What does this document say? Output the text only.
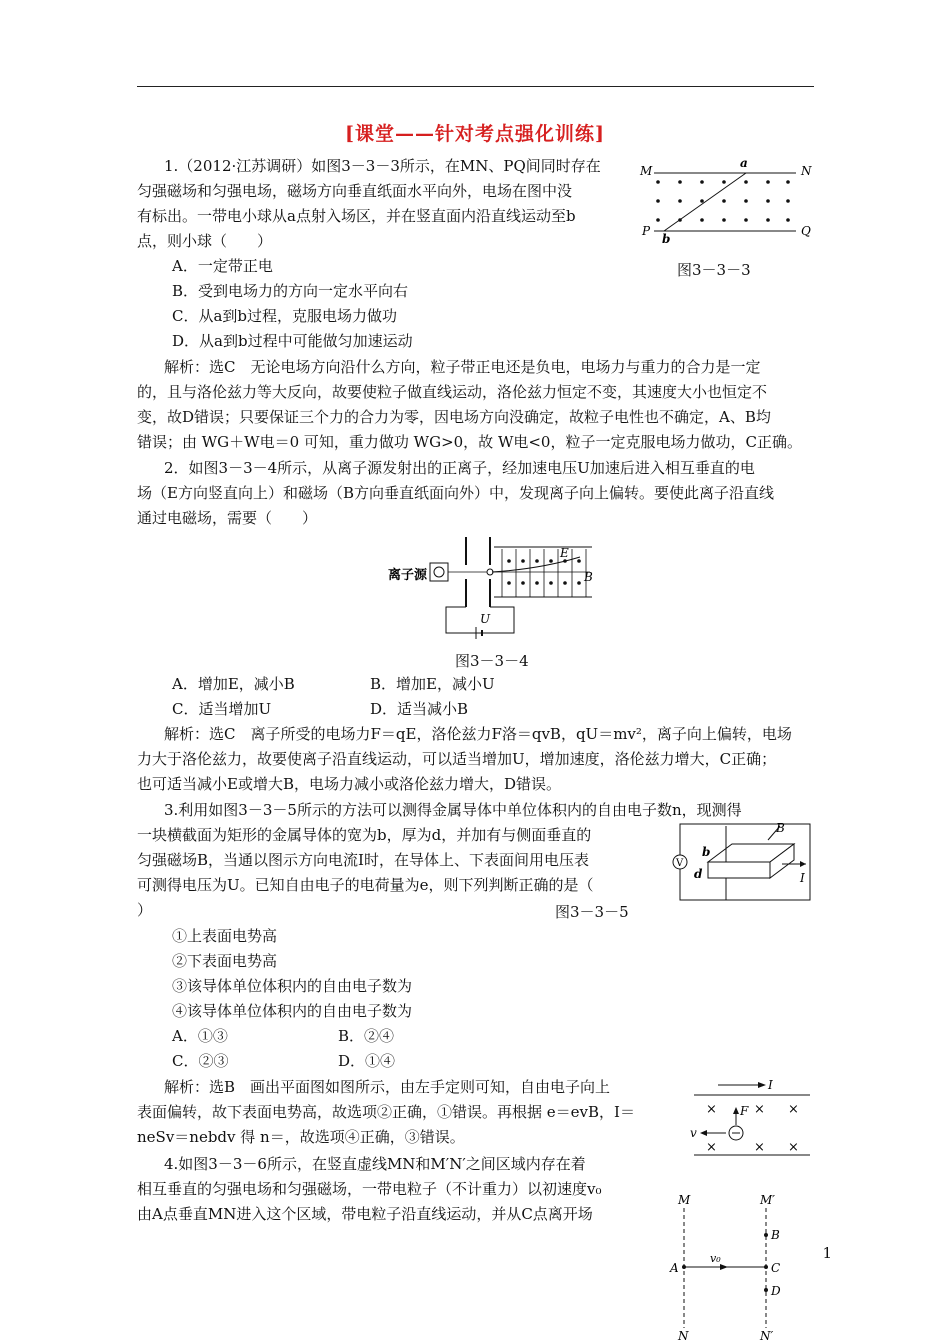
[课堂——针对考点强化训练]
1.（2012·江苏调研）如图3－3－3所示，在MN、PQ间同时存在
匀强磁场和匀强电场，磁场方向垂直纸面水平向外，电场在图中没
有标出。一带电小球从a点射入场区，并在竖直面内沿直线运动至b
点，则小球（　　）
A．一定带正电
B．受到电场力的方向一定水平向右
C．从a到b过程，克服电场力做功
D．从a到b过程中可能做匀加速运动
解析：选C　无论电场方向沿什么方向，粒子带正电还是负电，电场力与重力的合力是一定
的，且与洛伦兹力等大反向，故要使粒子做直线运动，洛伦兹力恒定不变，其速度大小也恒定不
变，故D错误；只要保证三个力的合力为零，因电场方向没确定，故粒子电性也不确定，A、B均
错误；由 WG＋W电＝0 可知，重力做功 WG>0，故 W电<0，粒子一定克服电场力做功，C正确。
M
a
N
P
b
Q
图3－3－3
2．如图3－3－4所示，从离子源发射出的正离子，经加速电压U加速后进入相互垂直的电
场（E方向竖直向上）和磁场（B方向垂直纸面向外）中，发现离子向上偏转。要使此离子沿直线
通过电磁场，需要（　　）
离子源
E
B
U
图3－3－4
A．增加E，减小B	B．增加E，减小U
C．适当增加U	D．适当减小B
解析：选C　离子所受的电场力F＝qE，洛伦兹力F洛＝qvB，qU＝mv²，离子向上偏转，电场
力大于洛伦兹力，故要使离子沿直线运动，可以适当增加U，增加速度，洛伦兹力增大，C正确；
也可适当减小E或增大B，电场力减小或洛伦兹力增大，D错误。
3.利用如图3－3－5所示的方法可以测得金属导体中单位体积内的自由电子数n，现测得
一块横截面为矩形的金属导体的宽为b，厚为d，并加有与侧面垂直的
匀强磁场B，当通以图示方向电流I时，在导体上、下表面间用电压表
可测得电压为U。已知自由电子的电荷量为e，则下列判断正确的是（
）
B
b
V
d	I
图3－3－5
①上表面电势高
②下表面电势高
③该导体单位体积内的自由电子数为
④该导体单位体积内的自由电子数为
A．①③	B．②④
C．②③	D．①④
解析：选B　画出平面图如图所示，由左手定则可知，自由电子向上
表面偏转，故下表面电势高，故选项②正确，①错误。再根据 e＝evB，I＝
neSv＝nebdv 得 n＝，故选项④正确，③错误。
I
×	× ×
×	× ×
F
v
4.如图3－3－6所示，在竖直虚线MN和M′N′之间区域内存在着
相互垂直的匀强电场和匀强磁场，一带电粒子（不计重力）以初速度v₀
由A点垂直MN进入这个区域，带电粒子沿直线运动，并从C点离开场
M	M′
B
v₀
A	C
D
N	N′
1
